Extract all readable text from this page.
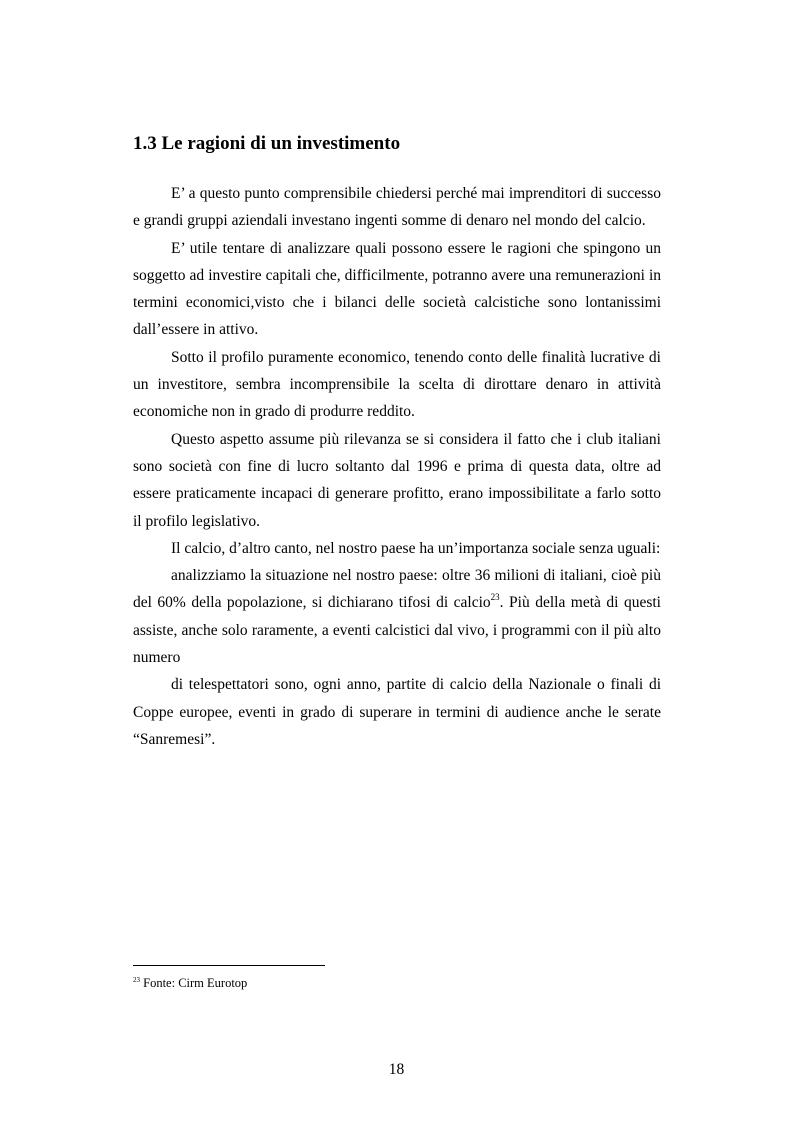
1.3 Le ragioni di un investimento

E’ a questo punto comprensibile chiedersi perché mai imprenditori di successo e grandi gruppi aziendali investano ingenti somme di denaro nel mondo del calcio.

E’ utile tentare di analizzare quali possono essere le ragioni che spingono un soggetto ad investire capitali che, difficilmente, potranno avere una remunerazioni in termini economici,visto che i bilanci delle società calcistiche sono lontanissimi dall’essere in attivo.

Sotto il profilo puramente economico, tenendo conto delle finalità lucrative di un investitore, sembra incomprensibile la scelta di dirottare denaro in attività economiche non in grado di produrre reddito.

Questo aspetto assume più rilevanza se si considera il fatto che i club italiani sono società con fine di lucro soltanto dal 1996 e prima di questa data, oltre ad essere praticamente incapaci di generare profitto, erano impossibilitate a farlo sotto il profilo legislativo.

Il calcio, d’altro canto, nel nostro paese ha un’importanza sociale senza uguali:

analizziamo la situazione nel nostro paese: oltre 36 milioni di italiani, cioè più del 60% della popolazione, si dichiarano tifosi di calcio$^{23}$. Più della metà di questi assiste, anche solo raramente, a eventi calcistici dal vivo, i programmi con il più alto numero

di telespettatori sono, ogni anno, partite di calcio della Nazionale o finali di Coppe europee, eventi in grado di superare in termini di audience anche le serate “Sanremesi”.

$^{23}$ Fonte: Cirm Eurotop
18
